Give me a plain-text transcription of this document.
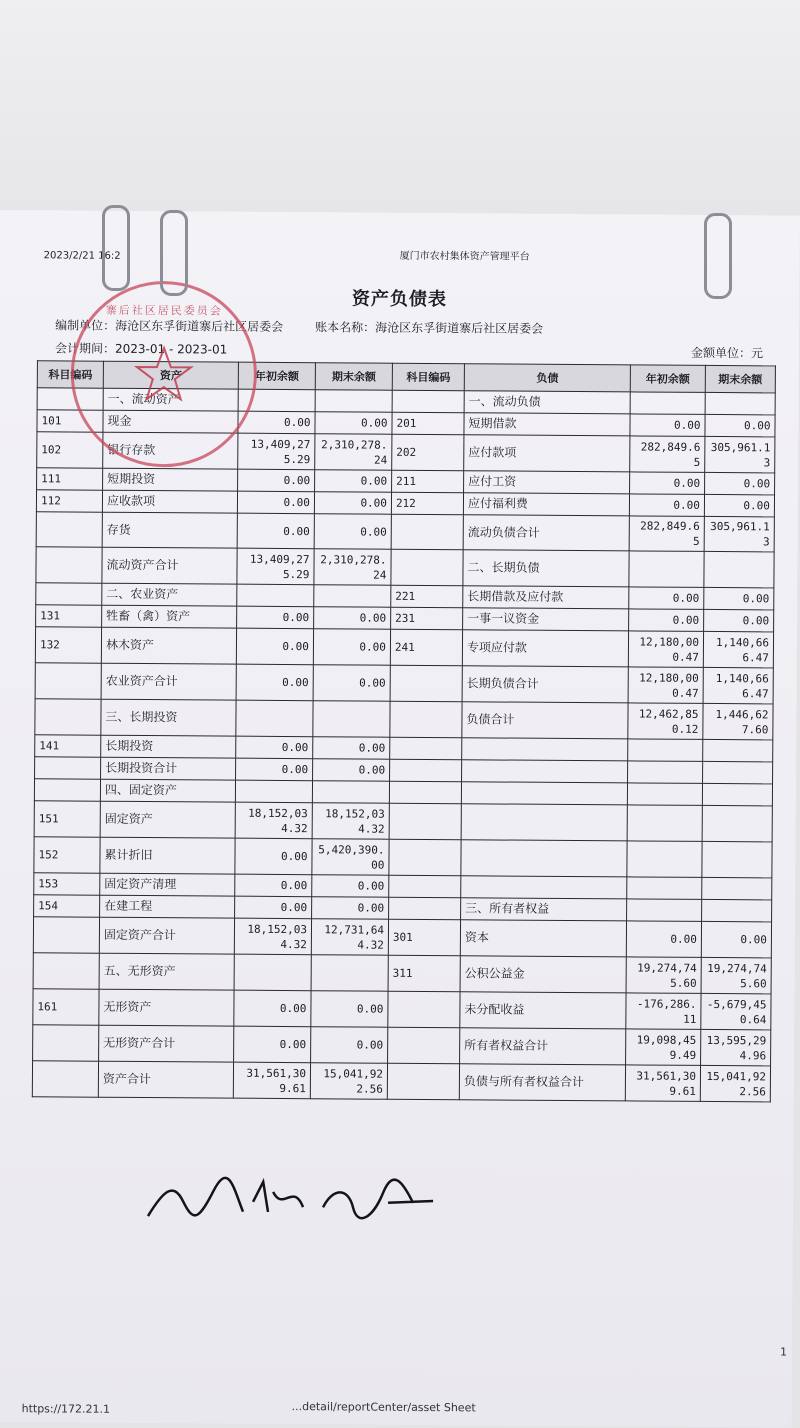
2023/2/21 16:2	厦门市农村集体资产管理平台
资产负债表
编制单位：海沧区东孚街道寨后社区居委会	账本名称：海沧区东孚街道寨后社区居委会
会计期间：2023-01 - 2023-01	金额单位：元
科目编码	资产	年初余额	期末余额	科目编码	负债	年初余额	期末余额
	一、流动资产				一、流动负债		
101	现金	0.00	0.00	201	短期借款	0.00	0.00
102	银行存款	13,409,275.29	2,310,278.24	202	应付款项	282,849.65	305,961.13
111	短期投资	0.00	0.00	211	应付工资	0.00	0.00
112	应收款项	0.00	0.00	212	应付福利费	0.00	0.00
	存货	0.00	0.00		流动负债合计	282,849.65	305,961.13
	流动资产合计	13,409,275.29	2,310,278.24		二、长期负债		
	二、农业资产			221	长期借款及应付款	0.00	0.00
131	牲畜（禽）资产	0.00	0.00	231	一事一议资金	0.00	0.00
132	林木资产	0.00	0.00	241	专项应付款	12,180,000.47	1,140,666.47
	农业资产合计	0.00	0.00		长期负债合计	12,180,000.47	1,140,666.47
	三、长期投资				负债合计	12,462,850.12	1,446,627.60
141	长期投资	0.00	0.00				
	长期投资合计	0.00	0.00				
	四、固定资产						
151	固定资产	18,152,034.32	18,152,034.32				
152	累计折旧	0.00	5,420,390.00				
153	固定资产清理	0.00	0.00				
154	在建工程	0.00	0.00		三、所有者权益		
	固定资产合计	18,152,034.32	12,731,644.32	301	资本	0.00	0.00
	五、无形资产			311	公积公益金	19,274,745.60	19,274,745.60
161	无形资产	0.00	0.00		未分配收益	-176,286.11	-5,679,450.64
	无形资产合计	0.00	0.00		所有者权益合计	19,098,459.49	13,595,294.96
	资产合计	31,561,309.61	15,041,922.56		负债与所有者权益合计	31,561,309.61	15,041,922.56
寨后社区居民委员会
https://172.21.1	...detail/reportCenter/asset Sheet
1
